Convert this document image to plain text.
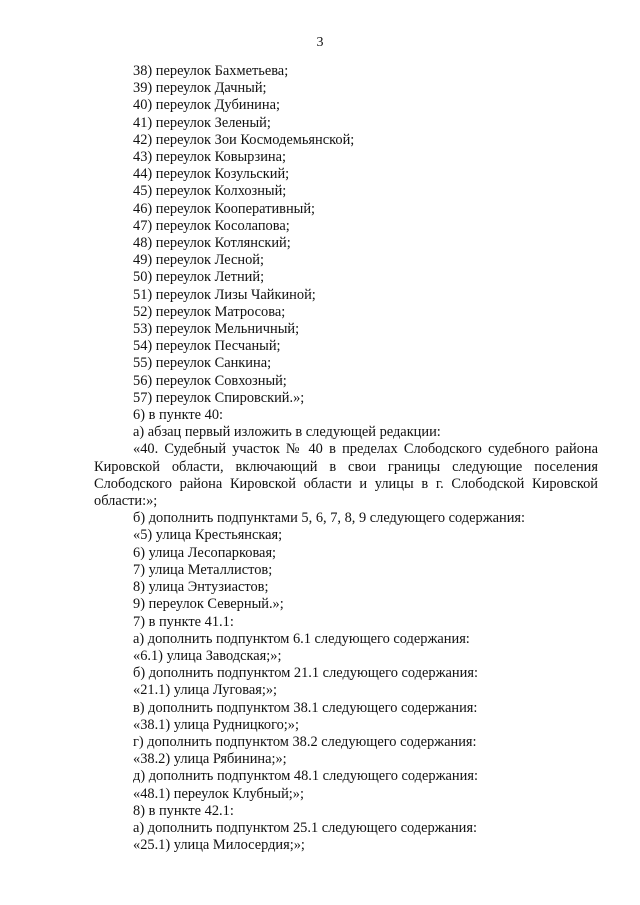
3
38) переулок Бахметьева;
39) переулок Дачный;
40) переулок Дубинина;
41) переулок Зеленый;
42) переулок Зои Космодемьянской;
43) переулок Ковырзина;
44) переулок Козульский;
45) переулок Колхозный;
46) переулок Кооперативный;
47) переулок Косолапова;
48) переулок Котлянский;
49) переулок Лесной;
50) переулок Летний;
51) переулок Лизы Чайкиной;
52) переулок Матросова;
53) переулок Мельничный;
54) переулок Песчаный;
55) переулок Санкина;
56) переулок Совхозный;
57) переулок Спировский.»;
6) в пункте 40:
а) абзац первый изложить в следующей редакции:
«40. Судебный участок № 40 в пределах Слободского судебного района Кировской области, включающий в свои границы следующие поселения Слободского района Кировской области и улицы в г. Слободской Кировской области:»;
б) дополнить подпунктами 5, 6, 7, 8, 9 следующего содержания:
«5) улица Крестьянская;
6) улица Лесопарковая;
7) улица Металлистов;
8) улица Энтузиастов;
9) переулок Северный.»;
7) в пункте 41.1:
а) дополнить подпунктом 6.1 следующего содержания:
«6.1) улица Заводская;»;
б) дополнить подпунктом 21.1 следующего содержания:
«21.1) улица Луговая;»;
в) дополнить подпунктом 38.1 следующего содержания:
«38.1) улица Рудницкого;»;
г) дополнить подпунктом 38.2 следующего содержания:
«38.2) улица Рябинина;»;
д) дополнить подпунктом 48.1 следующего содержания:
«48.1) переулок Клубный;»;
8) в пункте 42.1:
а) дополнить подпунктом 25.1 следующего содержания:
«25.1) улица Милосердия;»;
